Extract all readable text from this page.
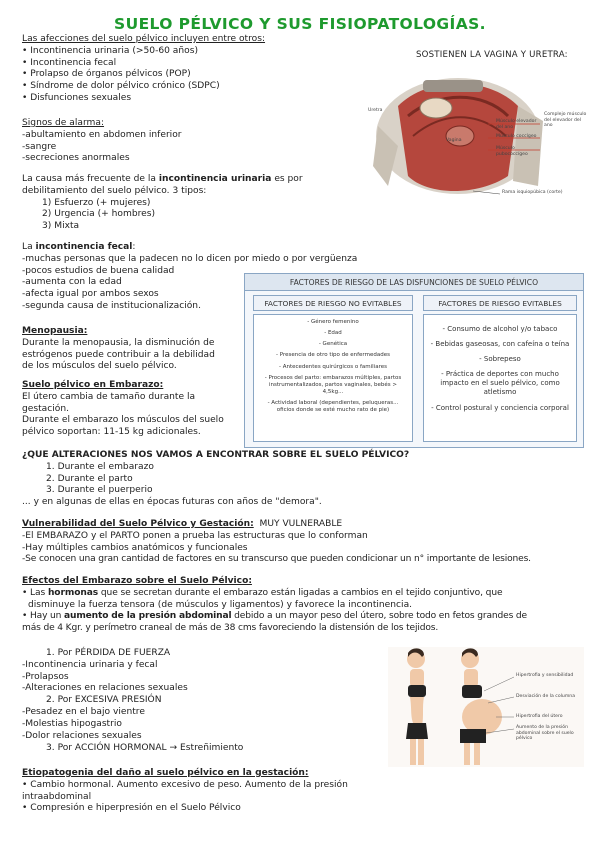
SUELO PÉLVICO Y SUS FISIOPATOLOGÍAS.
Las afecciones del suelo pélvico incluyen entre otros:
• Incontinencia urinaria (>50-60 años)
• Incontinencia fecal
• Prolapso de órganos pélvicos (POP)
• Síndrome de dolor pélvico crónico (SDPC)
• Disfunciones sexuales
SOSTIENEN LA VAGINA Y URETRA:
Uretra
Vagina
Músculo elevador del ano
Músculo coccígeo
Músculo pubococcígeo
Complejo músculo del elevador del ano
Rama isquiopúbica (corte)
Signos de alarma:
-abultamiento en abdomen inferior
-sangre
-secreciones anormales
La causa más frecuente de la incontinencia urinaria es por
debilitamiento del suelo pélvico. 3 tipos:
1) Esfuerzo (+ mujeres)
2) Urgencia (+ hombres)
3) Mixta
La incontinencia fecal:
-muchas personas que la padecen no lo dicen por miedo o por vergüenza
-pocos estudios de buena calidad
-aumenta con la edad
-afecta igual por ambos sexos
-segunda causa de institucionalización.
FACTORES DE RIESGO DE LAS DISFUNCIONES DE SUELO PÉLVICO
FACTORES DE RIESGO NO EVITABLES	FACTORES DE RIESGO EVITABLES
- Género femenino
- Edad
- Genética
- Presencia de otro tipo de enfermedades
- Antecedentes quirúrgicos o familiares
- Procesos del parto: embarazos múltiples, partos instrumentalizados, partos vaginales, bebés > 4,5kg...
- Actividad laboral (dependientes, peluqueras... oficios donde se esté mucho rato de pie)
- Consumo de alcohol y/o tabaco
- Bebidas gaseosas, con cafeína o teína
- Sobrepeso
- Práctica de deportes con mucho impacto en el suelo pélvico, como atletismo
- Control postural y conciencia corporal
Menopausia:
Durante la menopausia, la disminución de
estrógenos puede contribuir a la debilidad
de los músculos del suelo pélvico.
Suelo pélvico en Embarazo:
El útero cambia de tamaño durante la
gestación.
Durante el embarazo los músculos del suelo
pélvico soportan: 11-15 kg adicionales.
¿QUE ALTERACIONES NOS VAMOS A ENCONTRAR SOBRE EL SUELO PÉLVICO?
1. Durante el embarazo
2. Durante el parto
3. Durante el puerperio
... y en algunas de ellas en épocas futuras con años de "demora".
Vulnerabilidad del Suelo Pélvico y Gestación:  MUY VULNERABLE
-El EMBARAZO y el PARTO ponen a prueba las estructuras que lo conforman
-Hay múltiples cambios anatómicos y funcionales
-Se conocen una gran cantidad de factores en su transcurso que pueden condicionar un n° importante de lesiones.
Efectos del Embarazo sobre el Suelo Pélvico:
• Las hormonas que se secretan durante el embarazo están ligadas a cambios en el tejido conjuntivo, que
disminuye la fuerza tensora (de músculos y ligamentos) y favorece la incontinencia.
• Hay un aumento de la presión abdominal debido a un mayor peso del útero, sobre todo en fetos grandes de
más de 4 Kgr. y perímetro craneal de más de 38 cms favoreciendo la distensión de los tejidos.
1. Por PÉRDIDA DE FUERZA
-Incontinencia urinaria y fecal
-Prolapsos
-Alteraciones en relaciones sexuales
2. Por EXCESIVA PRESIÓN
-Pesadez en el bajo vientre
-Molestias hipogastrio
-Dolor relaciones sexuales
3. Por ACCIÓN HORMONAL → Estreñimiento
Hipertrofia y sensibilidad
Desviación de la columna
Hipertrofia del útero
Aumento de la presión abdominal sobre el suelo pélvico
Etiopatogenia del daño al suelo pélvico en la gestación:
• Cambio hormonal. Aumento excesivo de peso. Aumento de la presión
intraabdominal
• Compresión e hiperpresión en el Suelo Pélvico
